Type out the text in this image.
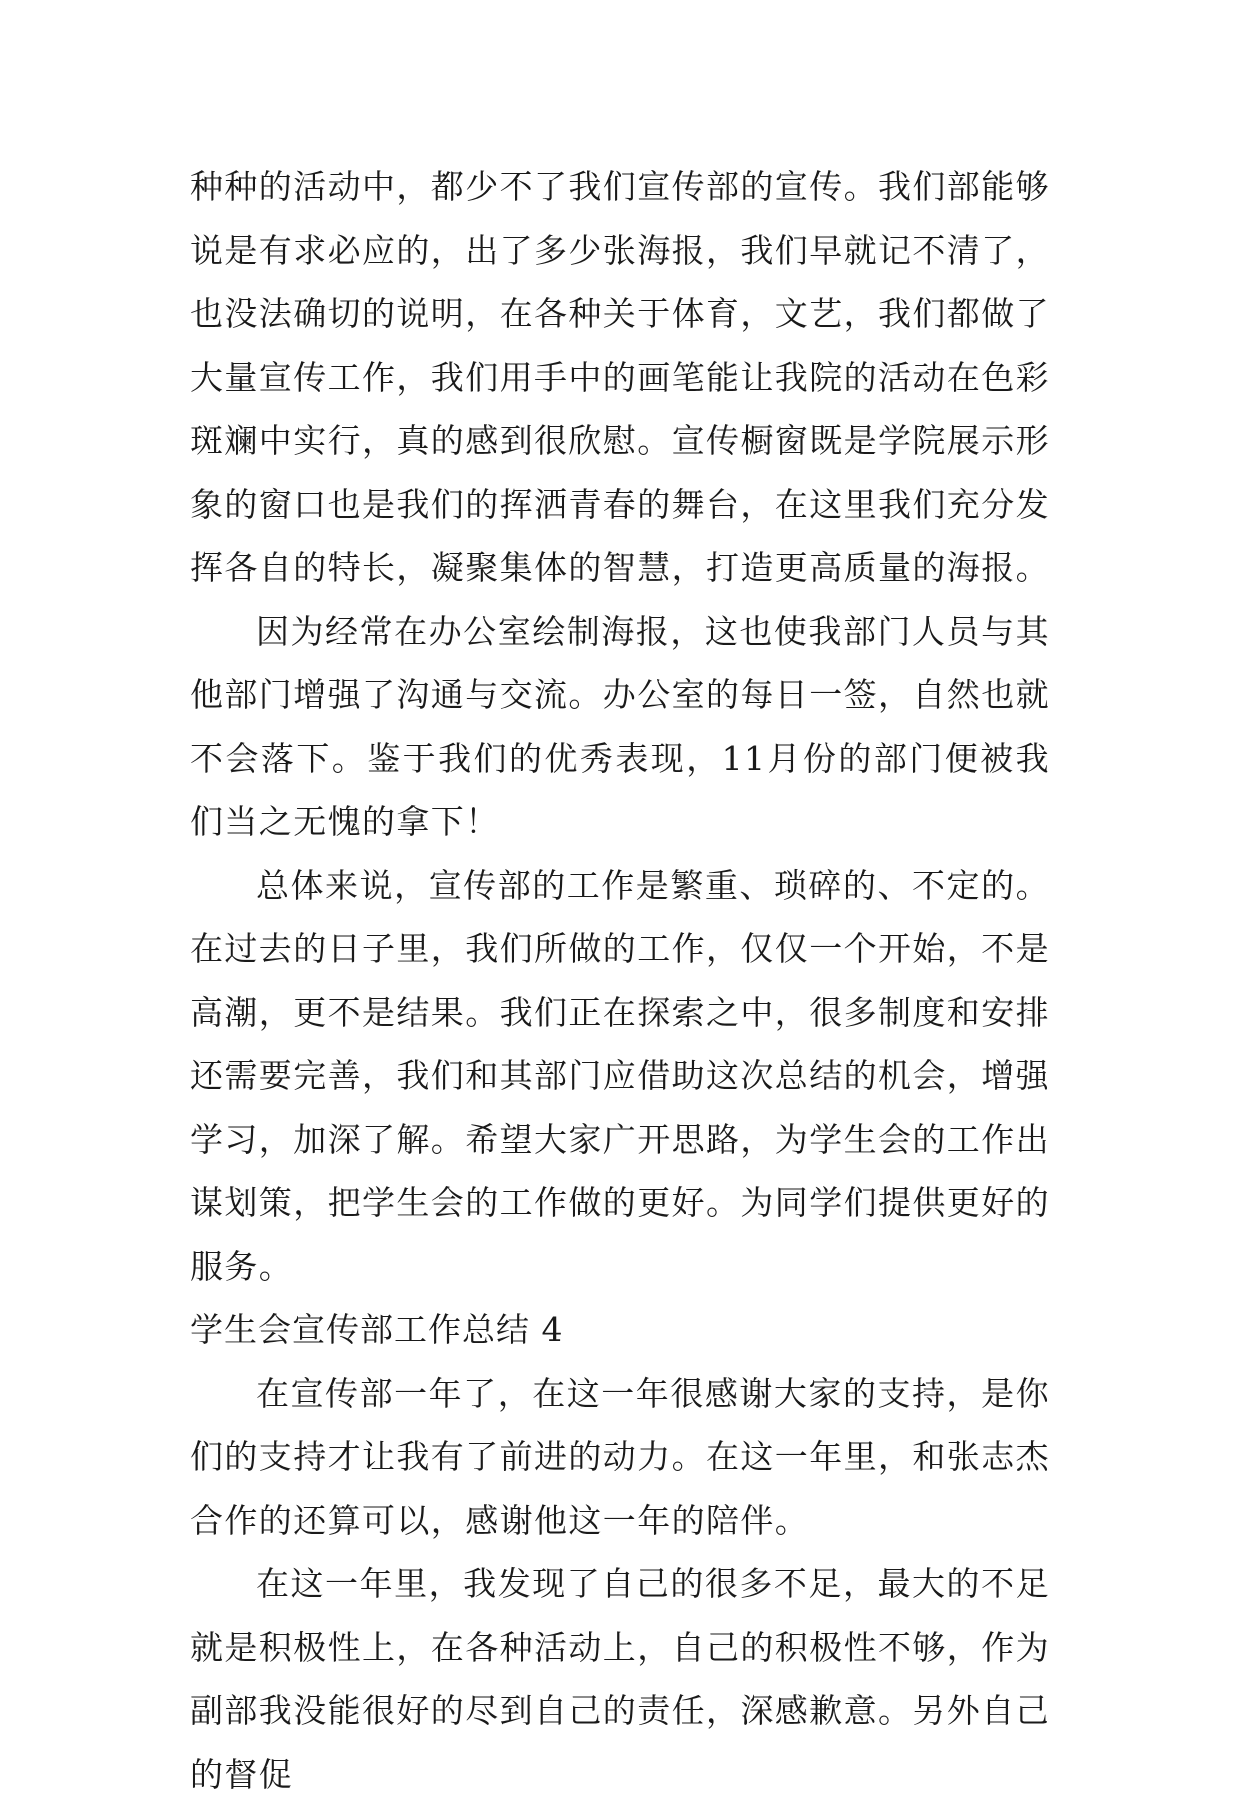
种种的活动中，都少不了我们宣传部的宣传。我们部能够说是有求必应的，出了多少张海报，我们早就记不清了，也没法确切的说明，在各种关于体育，文艺，我们都做了大量宣传工作，我们用手中的画笔能让我院的活动在色彩斑斓中实行，真的感到很欣慰。宣传橱窗既是学院展示形象的窗口也是我们的挥洒青春的舞台，在这里我们充分发挥各自的特长，凝聚集体的智慧，打造更高质量的海报。

因为经常在办公室绘制海报，这也使我部门人员与其他部门增强了沟通与交流。办公室的每日一签，自然也就不会落下。鉴于我们的优秀表现，11月份的部门便被我们当之无愧的拿下！

总体来说，宣传部的工作是繁重、琐碎的、不定的。在过去的日子里，我们所做的工作，仅仅一个开始，不是高潮，更不是结果。我们正在探索之中，很多制度和安排还需要完善，我们和其部门应借助这次总结的机会，增强学习，加深了解。希望大家广开思路，为学生会的工作出谋划策，把学生会的工作做的更好。为同学们提供更好的服务。

学生会宣传部工作总结 4

在宣传部一年了，在这一年很感谢大家的支持，是你们的支持才让我有了前进的动力。在这一年里，和张志杰合作的还算可以，感谢他这一年的陪伴。

在这一年里，我发现了自己的很多不足，最大的不足就是积极性上，在各种活动上，自己的积极性不够，作为副部我没能很好的尽到自己的责任，深感歉意。另外自己的督促
